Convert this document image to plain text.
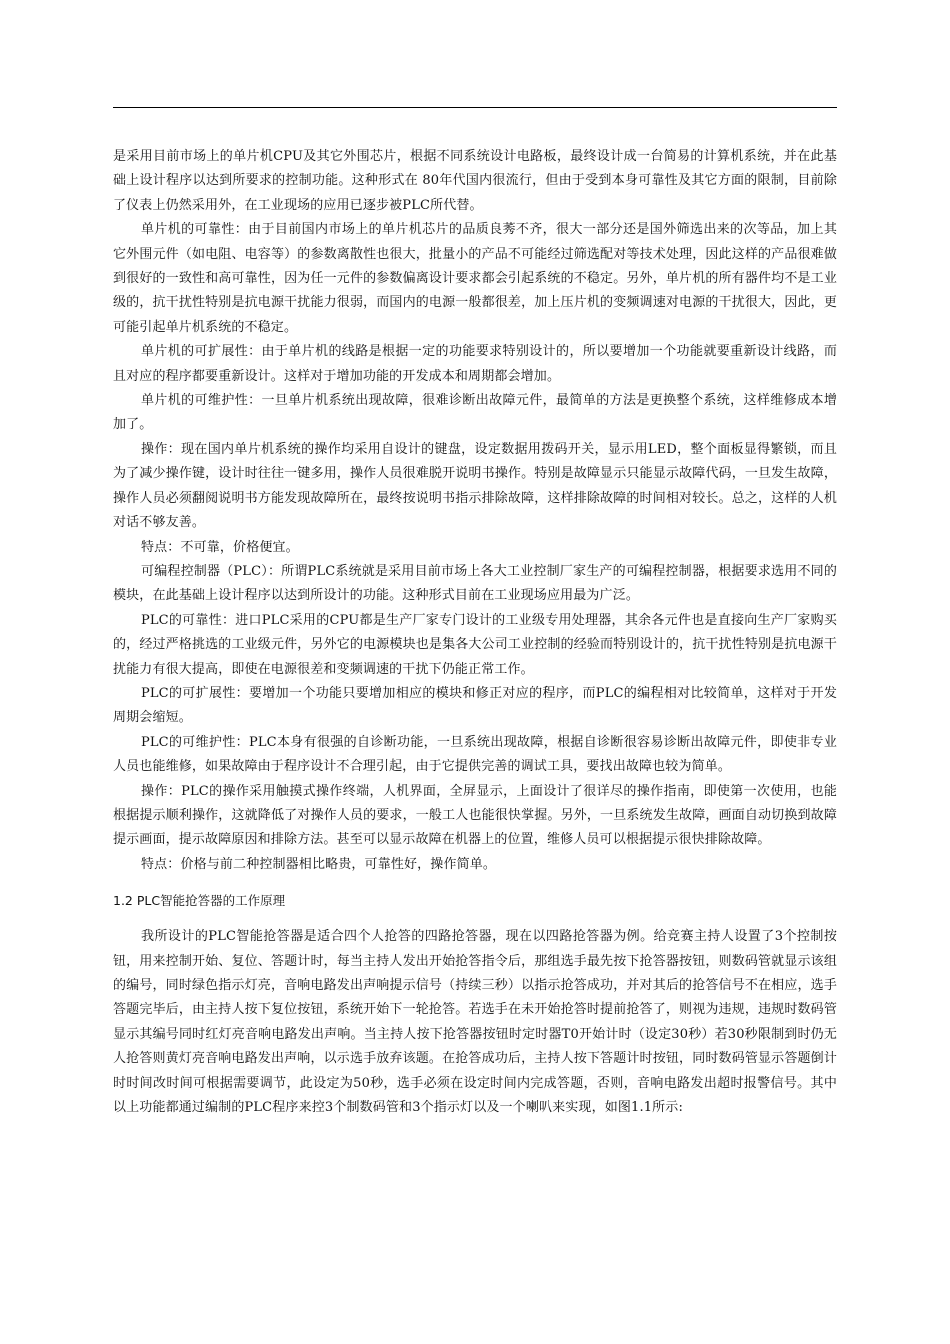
是采用目前市场上的单片机CPU及其它外围芯片，根据不同系统设计电路板，最终设计成一台简易的计算机系统，并在此基础上设计程序以达到所要求的控制功能。这种形式在 80年代国内很流行，但由于受到本身可靠性及其它方面的限制，目前除了仪表上仍然采用外，在工业现场的应用已逐步被PLC所代替。

单片机的可靠性：由于目前国内市场上的单片机芯片的品质良莠不齐，很大一部分还是国外筛选出来的次等品，加上其它外围元件（如电阻、电容等）的参数离散性也很大，批量小的产品不可能经过筛选配对等技术处理，因此这样的产品很难做到很好的一致性和高可靠性，因为任一元件的参数偏离设计要求都会引起系统的不稳定。另外，单片机的所有器件均不是工业级的，抗干扰性特别是抗电源干扰能力很弱，而国内的电源一般都很差，加上压片机的变频调速对电源的干扰很大，因此，更可能引起单片机系统的不稳定。

单片机的可扩展性：由于单片机的线路是根据一定的功能要求特别设计的，所以要增加一个功能就要重新设计线路，而且对应的程序都要重新设计。这样对于增加功能的开发成本和周期都会增加。

单片机的可维护性：一旦单片机系统出现故障，很难诊断出故障元件，最简单的方法是更换整个系统，这样维修成本增加了。

操作：现在国内单片机系统的操作均采用自设计的键盘，设定数据用拨码开关，显示用LED，整个面板显得繁锁，而且为了减少操作键，设计时往往一键多用，操作人员很难脱开说明书操作。特别是故障显示只能显示故障代码，一旦发生故障，操作人员必须翻阅说明书方能发现故障所在，最终按说明书指示排除故障，这样排除故障的时间相对较长。总之，这样的人机对话不够友善。

特点：不可靠，价格便宜。

可编程控制器（PLC）：所谓PLC系统就是采用目前市场上各大工业控制厂家生产的可编程控制器，根据要求选用不同的模块，在此基础上设计程序以达到所设计的功能。这种形式目前在工业现场应用最为广泛。

PLC的可靠性：进口PLC采用的CPU都是生产厂家专门设计的工业级专用处理器，其余各元件也是直接向生产厂家购买的，经过严格挑选的工业级元件，另外它的电源模块也是集各大公司工业控制的经验而特别设计的，抗干扰性特别是抗电源干扰能力有很大提高，即使在电源很差和变频调速的干扰下仍能正常工作。

PLC的可扩展性：要增加一个功能只要增加相应的模块和修正对应的程序，而PLC的编程相对比较简单，这样对于开发周期会缩短。

PLC的可维护性：PLC本身有很强的自诊断功能，一旦系统出现故障，根据自诊断很容易诊断出故障元件，即使非专业人员也能维修，如果故障由于程序设计不合理引起，由于它提供完善的调试工具，要找出故障也较为简单。

操作：PLC的操作采用触摸式操作终端，人机界面，全屏显示，上面设计了很详尽的操作指南，即使第一次使用，也能根据提示顺利操作，这就降低了对操作人员的要求，一般工人也能很快掌握。另外，一旦系统发生故障，画面自动切换到故障提示画面，提示故障原因和排除方法。甚至可以显示故障在机器上的位置，维修人员可以根据提示很快排除故障。

特点：价格与前二种控制器相比略贵，可靠性好，操作简单。

1.2 PLC智能抢答器的工作原理

我所设计的PLC智能抢答器是适合四个人抢答的四路抢答器，现在以四路抢答器为例。给竞赛主持人设置了3个控制按钮，用来控制开始、复位、答题计时，每当主持人发出开始抢答指令后，那组选手最先按下抢答器按钮，则数码管就显示该组的编号，同时绿色指示灯亮，音响电路发出声响提示信号（持续三秒）以指示抢答成功，并对其后的抢答信号不在相应，选手答题完毕后，由主持人按下复位按钮，系统开始下一轮抢答。若选手在未开始抢答时提前抢答了，则视为违规，违规时数码管显示其编号同时红灯亮音响电路发出声响。当主持人按下抢答器按钮时定时器T0开始计时（设定30秒）若30秒限制到时仍无人抢答则黄灯亮音响电路发出声响，以示选手放弃该题。在抢答成功后，主持人按下答题计时按钮，同时数码管显示答题倒计时时间改时间可根据需要调节，此设定为50秒，选手必须在设定时间内完成答题，否则，音响电路发出超时报警信号。其中以上功能都通过编制的PLC程序来控3个制数码管和3个指示灯以及一个喇叭来实现，如图1.1所示:
